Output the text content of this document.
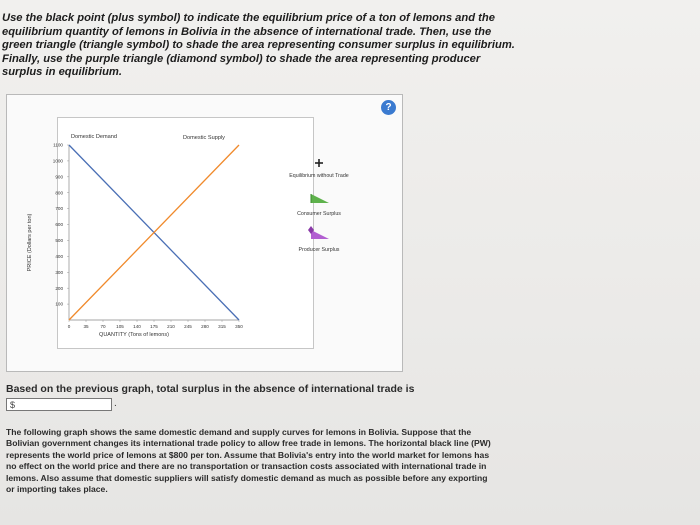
Use the black point (plus symbol) to indicate the equilibrium price of a ton of lemons and the equilibrium quantity of lemons in Bolivia in the absence of international trade. Then, use the green triangle (triangle symbol) to shade the area representing consumer surplus in equilibrium. Finally, use the purple triangle (diamond symbol) to shade the area representing producer surplus in equilibrium.
?
100
200
300
400
500
600
700
800
900
1000
1100
0	35	70 105 140 175 210 245 280 315 350
QUANTITY (Tons of lemons)
PRICE (Dollars per ton)
Domestic Demand	Domestic Supply
Equilibrium without Trade
Consumer Surplus
Producer Surplus
Based on the previous graph, total surplus in the absence of international trade is
$	.
The following graph shows the same domestic demand and supply curves for lemons in Bolivia. Suppose that the Bolivian government changes its international trade policy to allow free trade in lemons. The horizontal black line (PW) represents the world price of lemons at $800 per ton. Assume that Bolivia's entry into the world market for lemons has no effect on the world price and there are no transportation or transaction costs associated with international trade in lemons. Also assume that domestic suppliers will satisfy domestic demand as much as possible before any exporting or importing takes place.
